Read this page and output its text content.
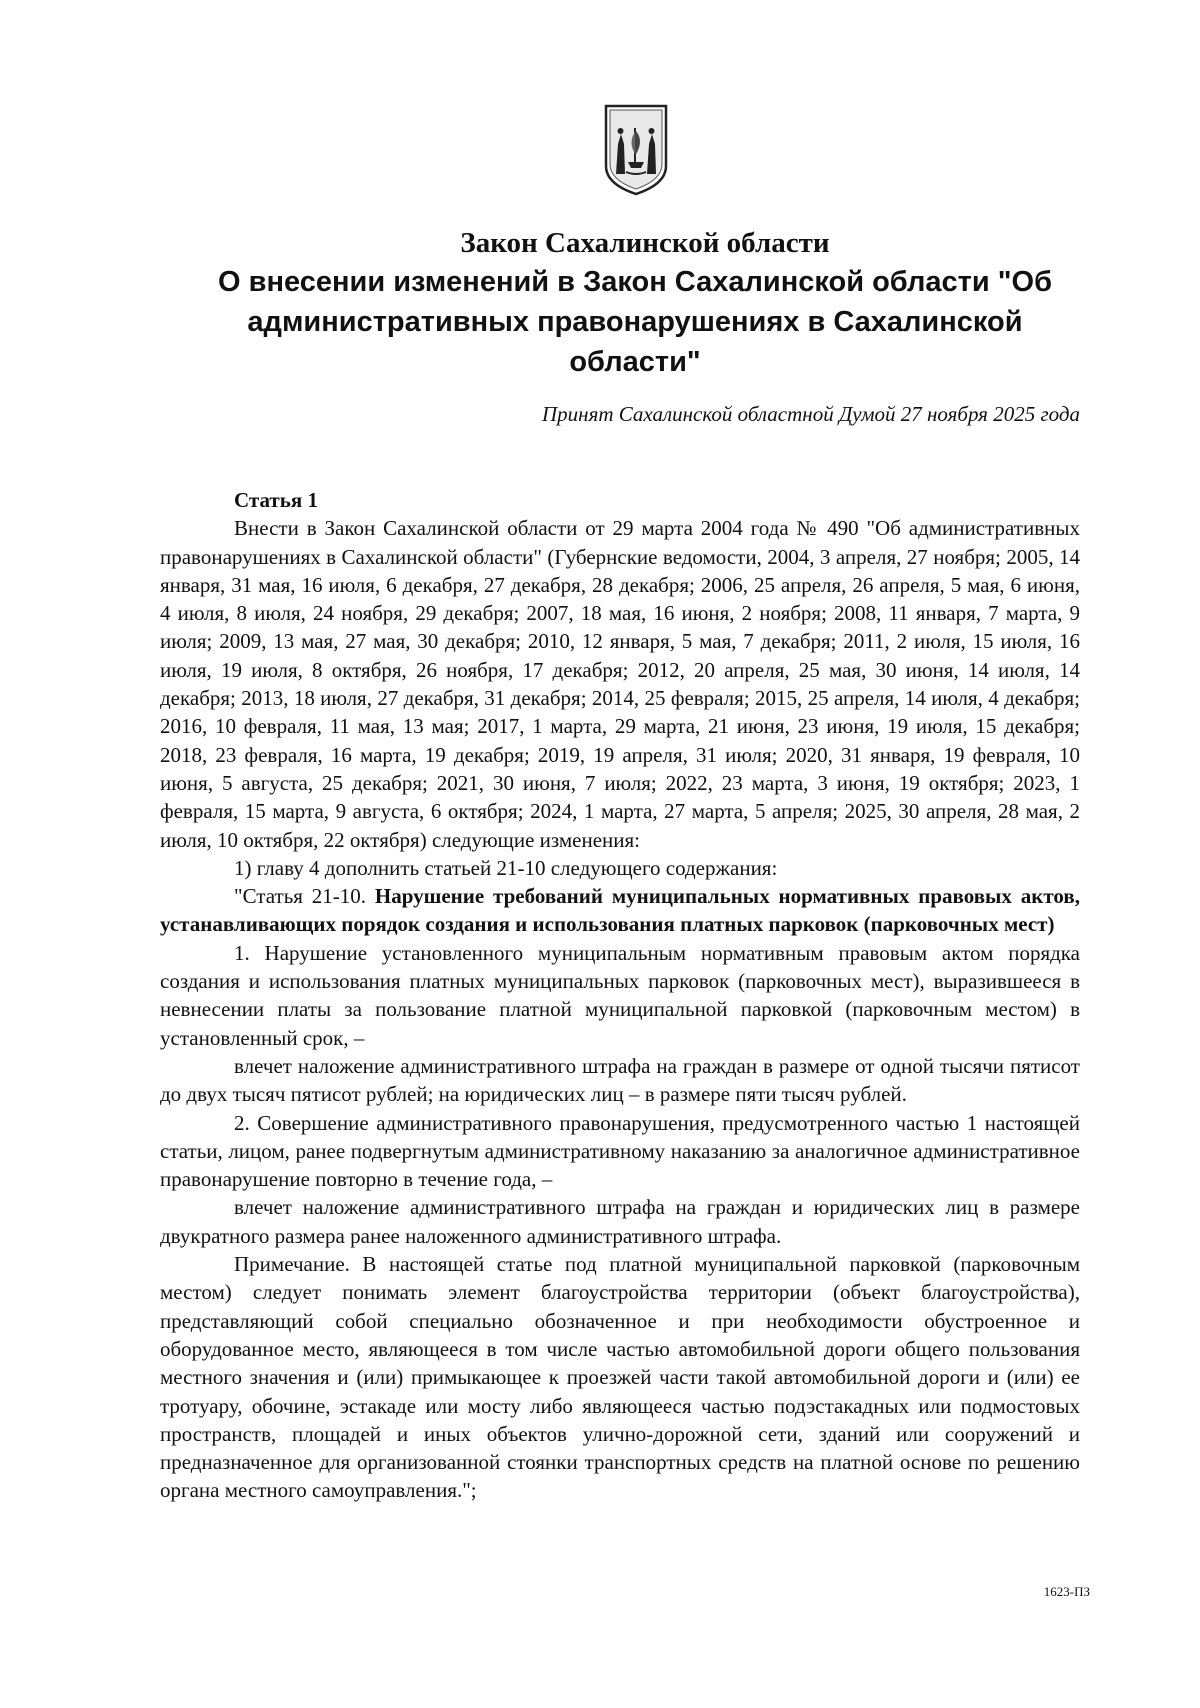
Закон Сахалинской области

О внесении изменений в Закон Сахалинской области "Об административных правонарушениях в Сахалинской области"

Принят Сахалинской областной Думой 27 ноября 2025 года

Статья 1

Внести в Закон Сахалинской области от 29 марта 2004 года № 490 "Об административных правонарушениях в Сахалинской области" (Губернские ведомости, 2004, 3 апреля, 27 ноября; 2005, 14 января, 31 мая, 16 июля, 6 декабря, 27 декабря, 28 декабря; 2006, 25 апреля, 26 апреля, 5 мая, 6 июня, 4 июля, 8 июля, 24 ноября, 29 декабря; 2007, 18 мая, 16 июня, 2 ноября; 2008, 11 января, 7 марта, 9 июля; 2009, 13 мая, 27 мая, 30 декабря; 2010, 12 января, 5 мая, 7 декабря; 2011, 2 июля, 15 июля, 16 июля, 19 июля, 8 октября, 26 ноября, 17 декабря; 2012, 20 апреля, 25 мая, 30 июня, 14 июля, 14 декабря; 2013, 18 июля, 27 декабря, 31 декабря; 2014, 25 февраля; 2015, 25 апреля, 14 июля, 4 декабря; 2016, 10 февраля, 11 мая, 13 мая; 2017, 1 марта, 29 марта, 21 июня, 23 июня, 19 июля, 15 декабря; 2018, 23 февраля, 16 марта, 19 декабря; 2019, 19 апреля, 31 июля; 2020, 31 января, 19 февраля, 10 июня, 5 августа, 25 декабря; 2021, 30 июня, 7 июля; 2022, 23 марта, 3 июня, 19 октября; 2023, 1 февраля, 15 марта, 9 августа, 6 октября; 2024, 1 марта, 27 марта, 5 апреля; 2025, 30 апреля, 28 мая, 2 июля, 10 октября, 22 октября) следующие изменения:

1) главу 4 дополнить статьей 21-10 следующего содержания:

"Статья 21-10. Нарушение требований муниципальных нормативных правовых актов, устанавливающих порядок создания и использования платных парковок (парковочных мест)

1. Нарушение установленного муниципальным нормативным правовым актом порядка создания и использования платных муниципальных парковок (парковочных мест), выразившееся в невнесении платы за пользование платной муниципальной парковкой (парковочным местом) в установленный срок, –

влечет наложение административного штрафа на граждан в размере от одной тысячи пятисот до двух тысяч пятисот рублей; на юридических лиц – в размере пяти тысяч рублей.

2. Совершение административного правонарушения, предусмотренного частью 1 настоящей статьи, лицом, ранее подвергнутым административному наказанию за аналогичное административное правонарушение повторно в течение года, –

влечет наложение административного штрафа на граждан и юридических лиц в размере двукратного размера ранее наложенного административного штрафа.

Примечание. В настоящей статье под платной муниципальной парковкой (парковочным местом) следует понимать элемент благоустройства территории (объект благоустройства), представляющий собой специально обозначенное и при необходимости обустроенное и оборудованное место, являющееся в том числе частью автомобильной дороги общего пользования местного значения и (или) примыкающее к проезжей части такой автомобильной дороги и (или) ее тротуару, обочине, эстакаде или мосту либо являющееся частью подэстакадных или подмостовых пространств, площадей и иных объектов улично-дорожной сети, зданий или сооружений и предназначенное для организованной стоянки транспортных средств на платной основе по решению органа местного самоуправления.";

1623-ПЗ
